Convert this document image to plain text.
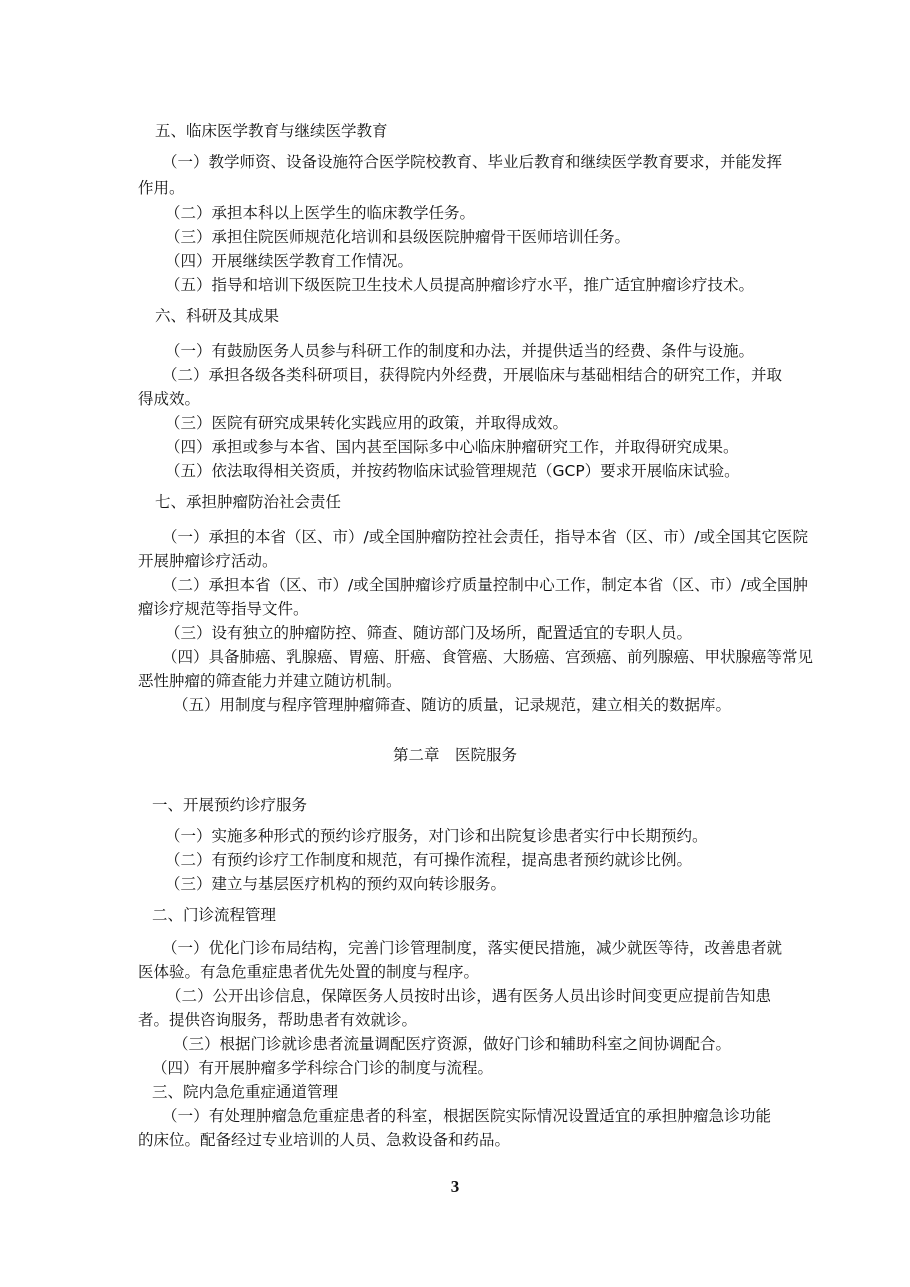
五、临床医学教育与继续医学教育
（一）教学师资、设备设施符合医学院校教育、毕业后教育和继续医学教育要求，并能发挥
作用。
（二）承担本科以上医学生的临床教学任务。
（三）承担住院医师规范化培训和县级医院肿瘤骨干医师培训任务。
（四）开展继续医学教育工作情况。
（五）指导和培训下级医院卫生技术人员提高肿瘤诊疗水平，推广适宜肿瘤诊疗技术。
六、科研及其成果
（一）有鼓励医务人员参与科研工作的制度和办法，并提供适当的经费、条件与设施。
（二）承担各级各类科研项目，获得院内外经费，开展临床与基础相结合的研究工作，并取
得成效。
（三）医院有研究成果转化实践应用的政策，并取得成效。
（四）承担或参与本省、国内甚至国际多中心临床肿瘤研究工作，并取得研究成果。
（五）依法取得相关资质，并按药物临床试验管理规范（GCP）要求开展临床试验。
七、承担肿瘤防治社会责任
（一）承担的本省（区、市）/或全国肿瘤防控社会责任，指导本省（区、市）/或全国其它医院
开展肿瘤诊疗活动。
（二）承担本省（区、市）/或全国肿瘤诊疗质量控制中心工作，制定本省（区、市）/或全国肿
瘤诊疗规范等指导文件。
（三）设有独立的肿瘤防控、筛查、随访部门及场所，配置适宜的专职人员。
（四）具备肺癌、乳腺癌、胃癌、肝癌、食管癌、大肠癌、宫颈癌、前列腺癌、甲状腺癌等常见
恶性肿瘤的筛查能力并建立随访机制。
（五）用制度与程序管理肿瘤筛查、随访的质量，记录规范，建立相关的数据库。
第二章　医院服务
一、开展预约诊疗服务
（一）实施多种形式的预约诊疗服务，对门诊和出院复诊患者实行中长期预约。
（二）有预约诊疗工作制度和规范，有可操作流程，提高患者预约就诊比例。
（三）建立与基层医疗机构的预约双向转诊服务。
二、门诊流程管理
（一）优化门诊布局结构，完善门诊管理制度，落实便民措施，减少就医等待，改善患者就
医体验。有急危重症患者优先处置的制度与程序。
（二）公开出诊信息，保障医务人员按时出诊，遇有医务人员出诊时间变更应提前告知患
者。提供咨询服务，帮助患者有效就诊。
（三）根据门诊就诊患者流量调配医疗资源，做好门诊和辅助科室之间协调配合。
（四）有开展肿瘤多学科综合门诊的制度与流程。
三、院内急危重症通道管理
（一）有处理肿瘤急危重症患者的科室，根据医院实际情况设置适宜的承担肿瘤急诊功能
的床位。配备经过专业培训的人员、急救设备和药品。
3
